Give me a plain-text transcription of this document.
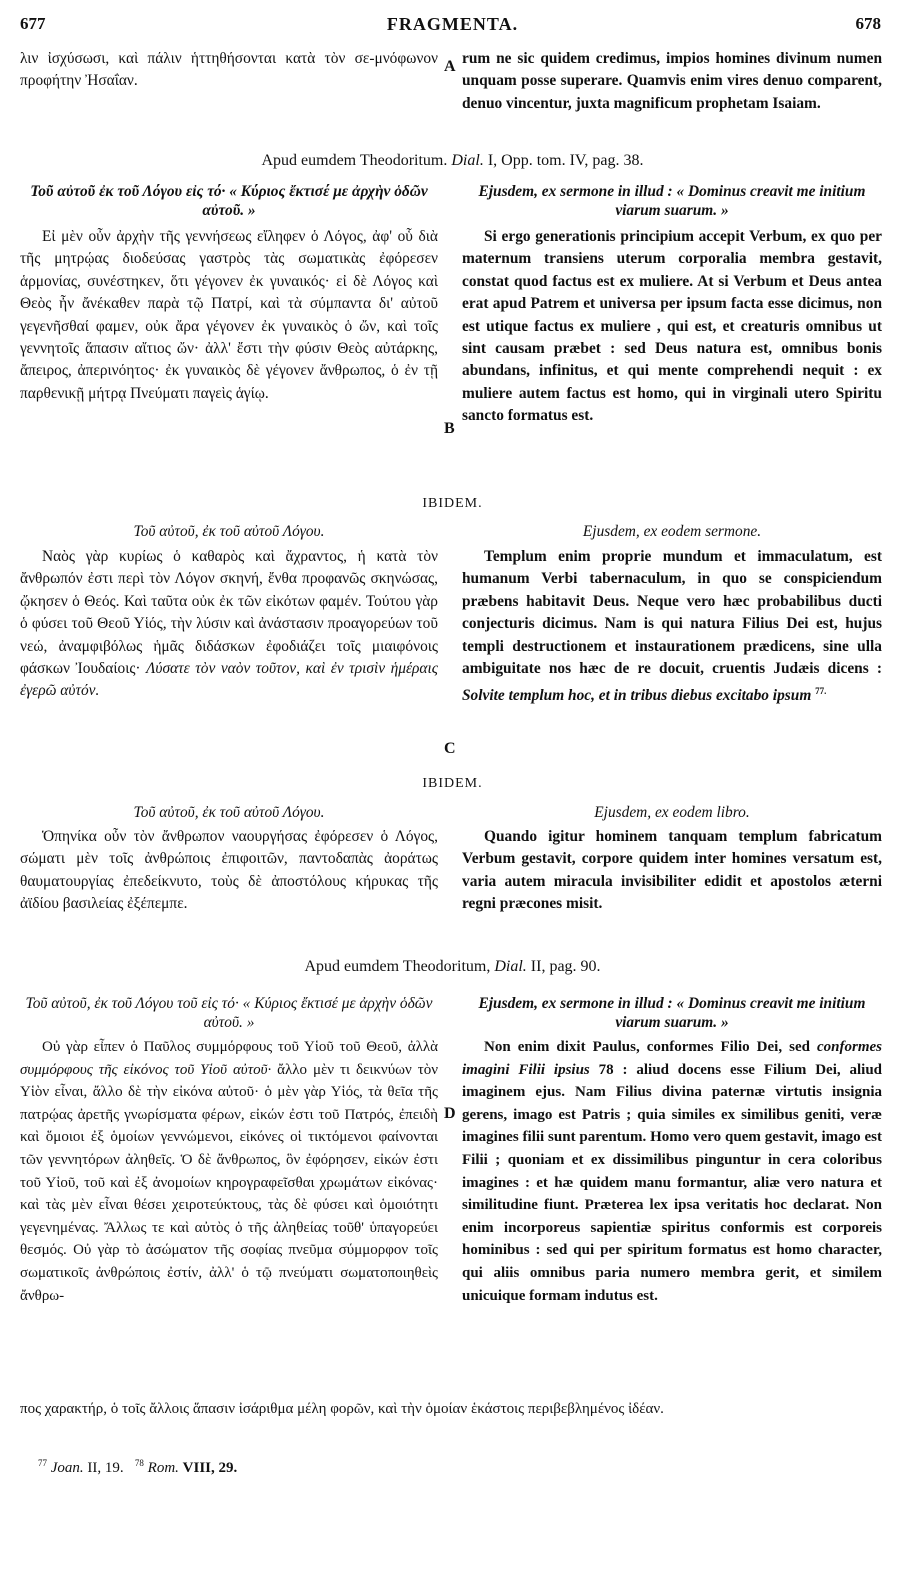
677	FRAGMENTA.	678
A
B
C
D
λιν ἰσχύσωσι, καὶ πάλιν ἡττηθήσονται κατὰ τὸν σε-μνόφωνον προφήτην Ἠσαΐαν.
rum ne sic quidem credimus, impios homines divinum numen unquam posse superare. Quamvis enim vires denuo comparent, denuo vincentur, juxta magnificum prophetam Isaiam.
Apud eumdem Theodoritum. Dial. I, Opp. tom. IV, pag. 38.
Τοῦ αὐτοῦ ἐκ τοῦ Λόγου εἰς τό· « Κύριος ἔκτισέ με ἀρχὴν ὁδῶν αὐτοῦ. »
Ejusdem, ex sermone in illud : « Dominus creavit me initium viarum suarum. »

Εἰ μὲν οὖν ἀρχὴν τῆς γεννήσεως εἴληφεν ὁ Λόγος, ἀφ' οὗ διὰ τῆς μητρῴας διοδεύσας γαστρὸς τὰς σωματικὰς ἐφόρεσεν ἁρμονίας, συνέστηκεν, ὅτι γέγονεν ἐκ γυναικός· εἰ δὲ Λόγος καὶ Θεὸς ἦν ἄνέκαθεν παρὰ τῷ Πατρί, καὶ τὰ σύμπαντα δι' αὐτοῦ γεγενῆσθαί φαμεν, οὐκ ἄρα γέγονεν ἐκ γυναικὸς ὁ ὤν, καὶ τοῖς γεννητοῖς ἅπασιν αἴτιος ὤν· ἀλλ' ἔστι τὴν φύσιν Θεὸς αὐτάρκης, ἄπειρος, ἀπερινόητος· ἐκ γυναικὸς δὲ γέγονεν ἄνθρωπος, ὁ ἐν τῇ παρθενικῇ μήτρᾳ Πνεύματι παγεὶς ἁγίῳ.

Si ergo generationis principium accepit Verbum, ex quo per maternum transiens uterum corporalia membra gestavit, constat quod factus est ex muliere. At si Verbum et Deus antea erat apud Patrem et universa per ipsum facta esse dicimus, non est utique factus ex muliere , qui est, et creaturis omnibus ut sint causam præbet : sed Deus natura est, omnibus bonis abundans, infinitus, et qui mente comprehendi nequit : ex muliere autem factus est homo, qui in virginali utero Spiritu sancto formatus est.

IBIDEM.
Τοῦ αὐτοῦ, ἐκ τοῦ αὐτοῦ Λόγου.	Ejusdem, ex eodem sermone.

Ναὸς γὰρ κυρίως ὁ καθαρὸς καὶ ἄχραντος, ἡ κατὰ τὸν ἄνθρωπόν ἐστι περὶ τὸν Λόγον σκηνή, ἔνθα προφανῶς σκηνώσας, ᾤκησεν ὁ Θεός. Καὶ ταῦτα οὐκ ἐκ τῶν εἰκότων φαμέν. Τούτου γὰρ ὁ φύσει τοῦ Θεοῦ Υἱός, τὴν λύσιν καὶ ἀνάστασιν προαγορεύων τοῦ νεώ, ἀναμφιβόλως ἡμᾶς διδάσκων ἐφοδιάζει τοῖς μιαιφόνοις φάσκων Ἰουδαίοις· Λύσατε τὸν ναὸν τοῦτον, καὶ ἐν τρισὶν ἡμέραις ἐγερῶ αὐτόν.

Templum enim proprie mundum et immaculatum, est humanum Verbi tabernaculum, in quo se conspiciendum præbens habitavit Deus. Neque vero hæc probabilibus ducti conjecturis dicimus. Nam is qui natura Filius Dei est, hujus templi destructionem et instaurationem prædicens, sine ulla ambiguitate nos hæc de re docuit, cruentis Judæis dicens : Solvite templum hoc, et in tribus diebus excitabo ipsum $^{77.}$

IBIDEM.
Τοῦ αὐτοῦ, ἐκ τοῦ αὐτοῦ Λόγου.	Ejusdem, ex eodem libro.

Ὁπηνίκα οὖν τὸν ἄνθρωπον ναουργήσας ἐφόρεσεν ὁ Λόγος, σώματι μὲν τοῖς ἀνθρώποις ἐπιφοιτῶν, παντοδαπὰς ἀοράτως θαυματουργίας ἐπεδείκνυτο, τοὺς δὲ ἀποστόλους κήρυκας τῆς ἀϊδίου βασιλείας ἐξέπεμπε.

Quando igitur hominem tanquam templum fabricatum Verbum gestavit, corpore quidem inter homines versatum est, varia autem miracula invisibiliter edidit et apostolos æterni regni præcones misit.

Apud eumdem Theodoritum, Dial. II, pag. 90.
Τοῦ αὐτοῦ, ἐκ τοῦ Λόγου τοῦ εἰς τό· « Κύριος ἔκτισέ με ἀρχὴν ὁδῶν αὐτοῦ. »
Ejusdem, ex sermone in illud : « Dominus creavit me initium viarum suarum. »

Οὐ γὰρ εἶπεν ὁ Παῦλος συμμόρφους τοῦ Υἱοῦ τοῦ Θεοῦ, ἀλλὰ συμμόρφους τῆς εἰκόνος τοῦ Υἱοῦ αὐτοῦ· ἄλλο μὲν τι δεικνύων τὸν Υἱὸν εἶναι, ἄλλο δὲ τὴν εἰκόνα αὐτοῦ· ὁ μὲν γὰρ Υἱός, τὰ θεῖα τῆς πατρῴας ἀρετῆς γνωρίσματα φέρων, εἰκών ἐστι τοῦ Πατρός, ἐπειδὴ καὶ ὅμοιοι ἐξ ὁμοίων γεννώμενοι, εἰκόνες οἱ τικτόμενοι φαίνονται τῶν γεννητόρων ἀληθεῖς. Ὁ δὲ ἄνθρωπος, ὃν ἐφόρησεν, εἰκών ἐστι τοῦ Υἱοῦ, τοῦ καὶ ἐξ ἀνομοίων κηρογραφεῖσθαι χρωμάτων εἰκόνας· καὶ τὰς μὲν εἶναι θέσει χειροτεύκτους, τὰς δὲ φύσει καὶ ὁμοιότητι γεγενημένας. Ἄλλως τε καὶ αὐτὸς ὁ τῆς ἀληθείας τοῦθ' ὑπαγορεύει θεσμός. Οὐ γὰρ τὸ ἀσώματον τῆς σοφίας πνεῦμα σύμμορφον τοῖς σωματικοῖς ἀνθρώποις ἐστίν, ἀλλ' ὁ τῷ πνεύματι σωματοποιηθεὶς ἄνθρω-

Non enim dixit Paulus, conformes Filio Dei, sed conformes imagini Filii ipsius 78 : aliud docens esse Filium Dei, aliud imaginem ejus. Nam Filius divina paternæ virtutis insignia gerens, imago est Patris ; quia similes ex similibus geniti, veræ imagines filii sunt parentum. Homo vero quem gestavit, imago est Filii ; quoniam et ex dissimilibus pinguntur in cera coloribus imagines : et hæ quidem manu formantur, aliæ vero natura et similitudine fiunt. Præterea lex ipsa veritatis hoc declarat. Non enim incorporeus sapientiæ spiritus conformis est corporeis hominibus : sed qui per spiritum formatus est homo character, qui aliis omnibus paria numero membra gerit, et similem unicuique formam indutus est.

πος χαρακτήρ, ὁ τοῖς ἄλλοις ἅπασιν ἰσάριθμα μέλη φορῶν, καὶ τὴν ὁμοίαν ἑκάστοις περιβεβλημένος ἰδέαν.
$^{77}$ Joan. II, 19. $^{78}$ Rom. VIII, 29.
